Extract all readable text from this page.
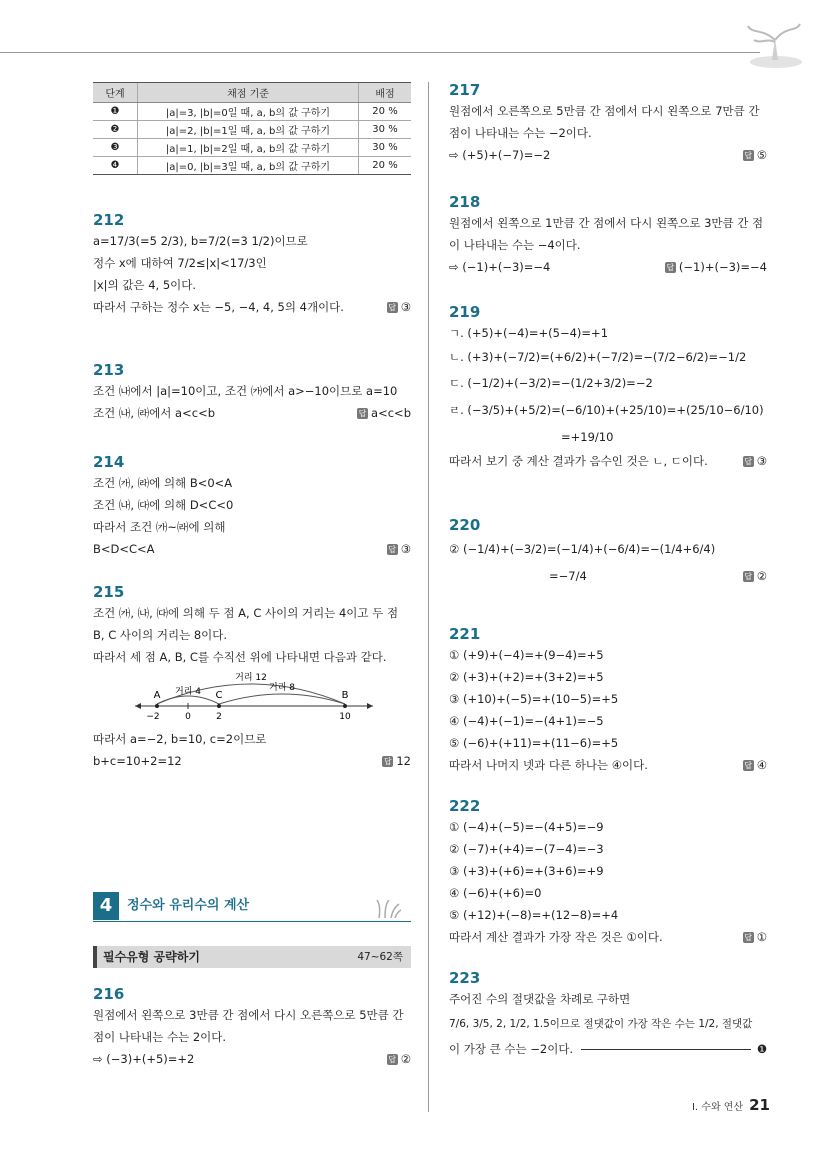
단계	채점 기준	배점
❶	|a|=3, |b|=0일 때, a, b의 값 구하기	20 %
❷	|a|=2, |b|=1일 때, a, b의 값 구하기	30 %
❸	|a|=1, |b|=2일 때, a, b의 값 구하기	30 %
❹	|a|=0, |b|=3일 때, a, b의 값 구하기	20 %
212
a=17/3(=5 2/3), b=7/2(=3 1/2)이므로
정수 x에 대하여 7/2≤|x|<17/3인
|x|의 값은 4, 5이다.
따라서 구하는 정수 x는 −5, −4, 4, 5의 4개이다.	답 ③
213
조건 ㈏에서 |a|=10이고, 조건 ㈎에서 a>−10이므로 a=10
조건 ㈏, ㈑에서 a<c<b	답 a<c<b
214
조건 ㈎, ㈑에 의해 B<0<A
조건 ㈏, ㈐에 의해 D<C<0
따라서 조건 ㈎~㈑에 의해
B<D<C<A	답 ③
215
조건 ㈎, ㈏, ㈐에 의해 두 점 A, C 사이의 거리는 4이고 두 점
B, C 사이의 거리는 8이다.
따라서 세 점 A, B, C를 수직선 위에 나타내면 다음과 같다.
A	C	B
−2	0	2	10
거리 12
거리 4	거리 8
따라서 a=−2, b=10, c=2이므로
b+c=10+2=12	답 12
4	정수와 유리수의 계산
필수유형 공략하기	47~62쪽
216
원점에서 왼쪽으로 3만큼 간 점에서 다시 오른쪽으로 5만큼 간
점이 나타내는 수는 2이다.
⇨ (−3)+(+5)=+2	답 ②
217
원점에서 오른쪽으로 5만큼 간 점에서 다시 왼쪽으로 7만큼 간
점이 나타내는 수는 −2이다.
⇨ (+5)+(−7)=−2	답 ⑤
218
원점에서 왼쪽으로 1만큼 간 점에서 다시 왼쪽으로 3만큼 간 점
이 나타내는 수는 −4이다.
⇨ (−1)+(−3)=−4	답 (−1)+(−3)=−4
219
ㄱ. (+5)+(−4)=+(5−4)=+1
ㄴ. (+3)+(−7/2)=(+6/2)+(−7/2)=−(7/2−6/2)=−1/2
ㄷ. (−1/2)+(−3/2)=−(1/2+3/2)=−2
ㄹ. (−3/5)+(+5/2)=(−6/10)+(+25/10)=+(25/10−6/10)
=+19/10
따라서 보기 중 계산 결과가 음수인 것은 ㄴ, ㄷ이다.	답 ③
220
② (−1/4)+(−3/2)=(−1/4)+(−6/4)=−(1/4+6/4)
=−7/4	답 ②
221
① (+9)+(−4)=+(9−4)=+5
② (+3)+(+2)=+(3+2)=+5
③ (+10)+(−5)=+(10−5)=+5
④ (−4)+(−1)=−(4+1)=−5
⑤ (−6)+(+11)=+(11−6)=+5
따라서 나머지 넷과 다른 하나는 ④이다.	답 ④
222
① (−4)+(−5)=−(4+5)=−9
② (−7)+(+4)=−(7−4)=−3
③ (+3)+(+6)=+(3+6)=+9
④ (−6)+(+6)=0
⑤ (+12)+(−8)=+(12−8)=+4
따라서 계산 결과가 가장 작은 것은 ①이다.	답 ①
223
주어진 수의 절댓값을 차례로 구하면
7/6, 3/5, 2, 1/2, 1.5이므로 절댓값이 가장 작은 수는 1/2, 절댓값
이 가장 큰 수는 −2이다.	❶
I. 수와 연산 21
